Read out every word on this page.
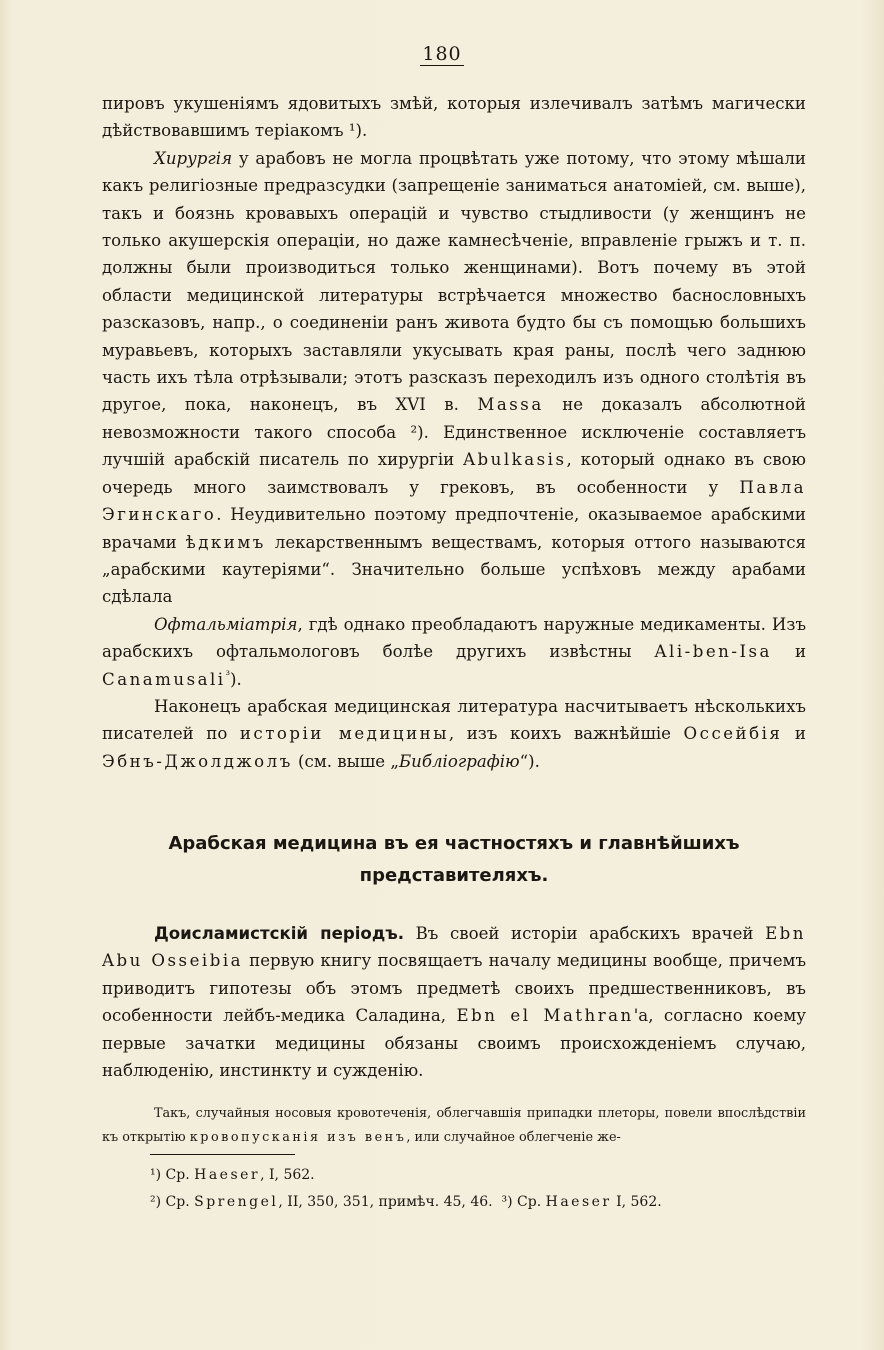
180

пировъ укушеніямъ ядовитыхъ змѣй, которыя излечивалъ затѣмъ магически дѣйствовавшимъ теріакомъ ¹).

Хирургія у арабовъ не могла процвѣтать уже потому, что этому мѣшали какъ религіозные предразсудки (запрещеніе заниматься анатоміей, см. выше), такъ и боязнь кровавыхъ операцій и чувство стыдливости (у женщинъ не только акушерскія операціи, но даже камнесѣченіе, вправленіе грыжъ и т. п. должны были производиться только женщинами). Вотъ почему въ этой области медицинской литературы встрѣчается множество баснословныхъ разсказовъ, напр., о соединеніи ранъ живота будто бы съ помощью большихъ муравьевъ, которыхъ заставляли укусывать края раны, послѣ чего заднюю часть ихъ тѣла отрѣзывали; этотъ разсказъ переходилъ изъ одного столѣтія въ другое, пока, наконецъ, въ XVI в. Massa не доказалъ абсолютной невозможности такого способа ²). Единственное исключеніе составляетъ лучшій арабскій писатель по хирургіи Abulkasis, который однако въ свою очередь много заимствовалъ у грековъ, въ особенности у Павла Эгинскаго. Неудивительно поэтому предпочтеніе, оказываемое арабскими врачами ѣдкимъ лекарственнымъ веществамъ, которыя оттого называются „арабскими каутеріями“. Значительно больше успѣховъ между арабами сдѣлала

Офтальміатрія, гдѣ однако преобладаютъ наружные медикаменты. Изъ арабскихъ офтальмологовъ болѣе другихъ извѣстны Ali-ben-Isa и Canamusali$^{^3}$).

Наконецъ арабская медицинская литература насчитываетъ нѣсколькихъ писателей по исторіи медицины, изъ коихъ важнѣйшіе Оссейбія и Эбнъ-Джолджолъ (см. выше „Библіографію“).

Арабская медицина въ ея частностяхъ и главнѣйшихъ представителяхъ.

Доисламистскій періодъ. Въ своей исторіи арабскихъ врачей Ebn Abu Osseibia первую книгу посвящаетъ началу медицины вообще, причемъ приводитъ гипотезы объ этомъ предметѣ своихъ предшественниковъ, въ особенности лейбъ-медика Саладина, Ebn el Mathran'a, согласно коему первые зачатки медицины обязаны своимъ происхожденіемъ случаю, наблюденію, инстинкту и сужденію.

Такъ, случайныя носовыя кровотеченія, облегчавшія припадки плеторы, повели впослѣдствіи къ открытію кровопусканія изъ венъ, или случайное облегченіе же-

¹) Ср. Haeser, I, 562.
²) Ср. Sprengel, II, 350, 351, примѣч. 45, 46. ³) Ср. Haeser I, 562.
